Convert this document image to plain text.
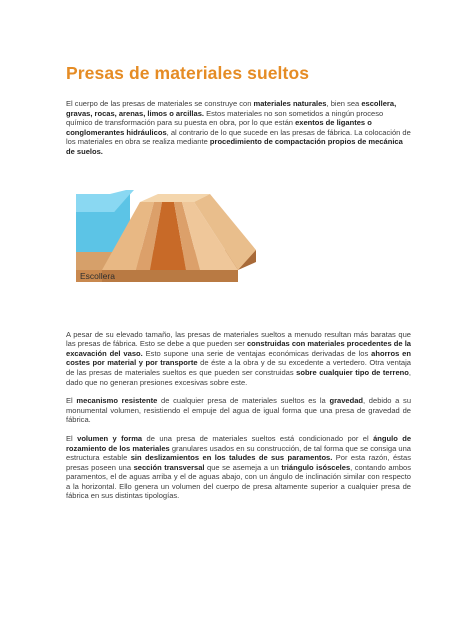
Presas de materiales sueltos

El cuerpo de las presas de materiales se construye con materiales naturales, bien sea escollera, gravas, rocas, arenas, limos o arcillas. Estos materiales no son sometidos a ningún proceso químico de transformación para su puesta en obra, por lo que están exentos de ligantes o conglomerantes hidráulicos, al contrario de lo que sucede en las presas de fábrica. La colocación de los materiales en obra se realiza mediante procedimiento de compactación propios de mecánica de suelos.

Escollera

A pesar de su elevado tamaño, las presas de materiales sueltos a menudo resultan más baratas que las presas de fábrica. Esto se debe a que pueden ser construidas con materiales procedentes de la excavación del vaso. Esto supone una serie de ventajas económicas derivadas de los ahorros en costes por material y por transporte de éste a la obra y de su excedente a vertedero. Otra ventaja de las presas de materiales sueltos es que pueden ser construidas sobre cualquier tipo de terreno, dado que no generan presiones excesivas sobre este.

El mecanismo resistente de cualquier presa de materiales sueltos es la gravedad, debido a su monumental volumen, resistiendo el empuje del agua de igual forma que una presa de gravedad de fábrica.

El volumen y forma de una presa de materiales sueltos está condicionado por el ángulo de rozamiento de los materiales granulares usados en su construcción, de tal forma que se consiga una estructura estable sin deslizamientos en los taludes de sus paramentos. Por esta razón, éstas presas poseen una sección transversal que se asemeja a un triángulo isósceles, contando ambos paramentos, el de aguas arriba y el de aguas abajo, con un ángulo de inclinación similar con respecto a la horizontal. Ello genera un volumen del cuerpo de presa altamente superior a cualquier presa de fábrica en sus distintas tipologías.
